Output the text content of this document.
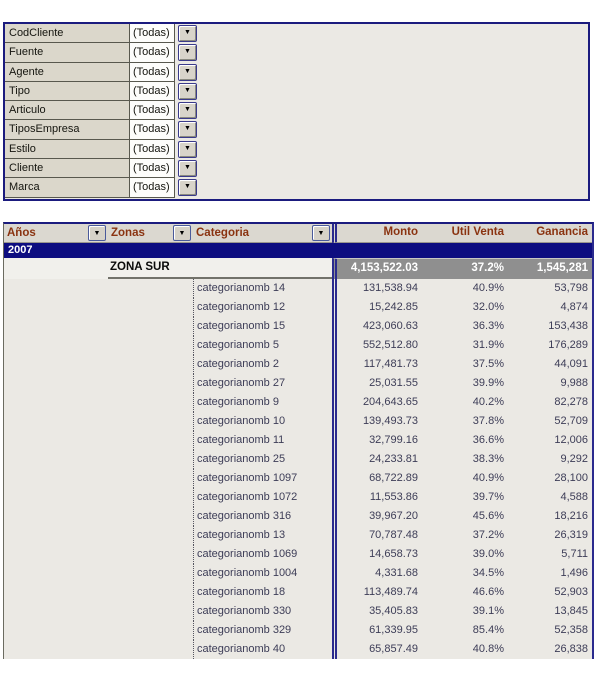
CodCliente	(Todas)	▼
Fuente	(Todas)	▼
Agente	(Todas)	▼
Tipo	(Todas)	▼
Articulo	(Todas)	▼
TiposEmpresa	(Todas)	▼
Estilo	(Todas)	▼
Cliente	(Todas)	▼
Marca	(Todas)	▼
Años	▼ Zonas	▼ Categoria	▼	Monto	Util Venta	Ganancia
2007
ZONA SUR	4,153,522.03	37.2%	1,545,281
categorianomb 14	131,538.94	40.9%	53,798
categorianomb 12	15,242.85	32.0%	4,874
categorianomb 15	423,060.63	36.3%	153,438
categorianomb 5	552,512.80	31.9%	176,289
categorianomb 2	117,481.73	37.5%	44,091
categorianomb 27	25,031.55	39.9%	9,988
categorianomb 9	204,643.65	40.2%	82,278
categorianomb 10	139,493.73	37.8%	52,709
categorianomb 11	32,799.16	36.6%	12,006
categorianomb 25	24,233.81	38.3%	9,292
categorianomb 1097	68,722.89	40.9%	28,100
categorianomb 1072	11,553.86	39.7%	4,588
categorianomb 316	39,967.20	45.6%	18,216
categorianomb 13	70,787.48	37.2%	26,319
categorianomb 1069	14,658.73	39.0%	5,711
categorianomb 1004	4,331.68	34.5%	1,496
categorianomb 18	113,489.74	46.6%	52,903
categorianomb 330	35,405.83	39.1%	13,845
categorianomb 329	61,339.95	85.4%	52,358
categorianomb 40	65,857.49	40.8%	26,838
